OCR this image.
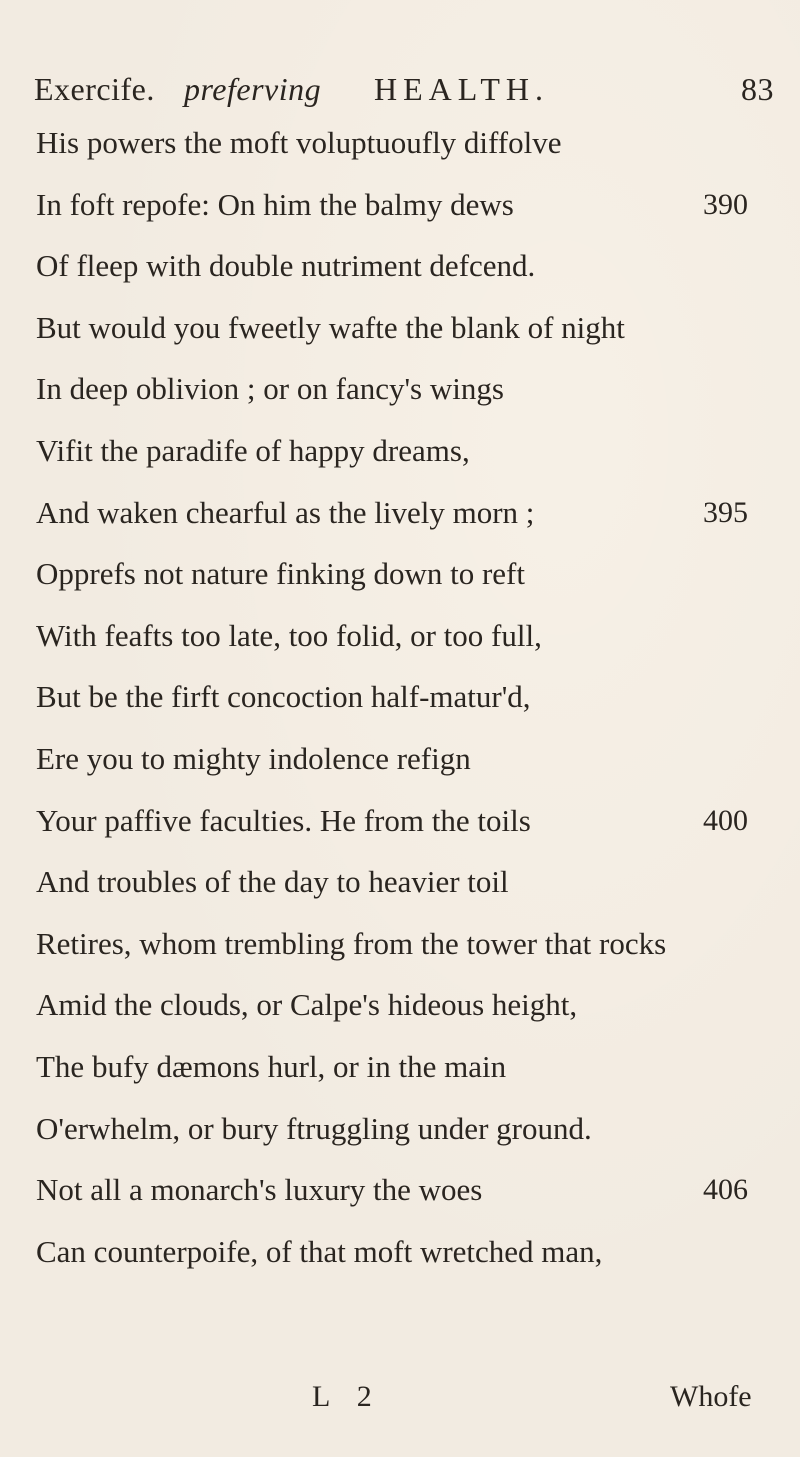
Exercife. preferving HEALTH.	83
His powers the moft voluptuoufly diffolve
In foft repofe: On him the balmy dews	390
Of fleep with double nutriment defcend.
But would you fweetly wafte the blank of night
In deep oblivion ; or on fancy's wings
Vifit the paradife of happy dreams,
And waken chearful as the lively morn ;	395
Opprefs not nature finking down to reft
With feafts too late, too folid, or too full,
But be the firft concoction half-matur'd,
Ere you to mighty indolence refign
Your paffive faculties. He from the toils	400
And troubles of the day to heavier toil
Retires, whom trembling from the tower that rocks
Amid the clouds, or Calpe's hideous height,
The bufy dæmons hurl, or in the main
O'erwhelm, or bury ftruggling under ground.
Not all a monarch's luxury the woes	406
Can counterpoife, of that moft wretched man,
L 2	Whofe
